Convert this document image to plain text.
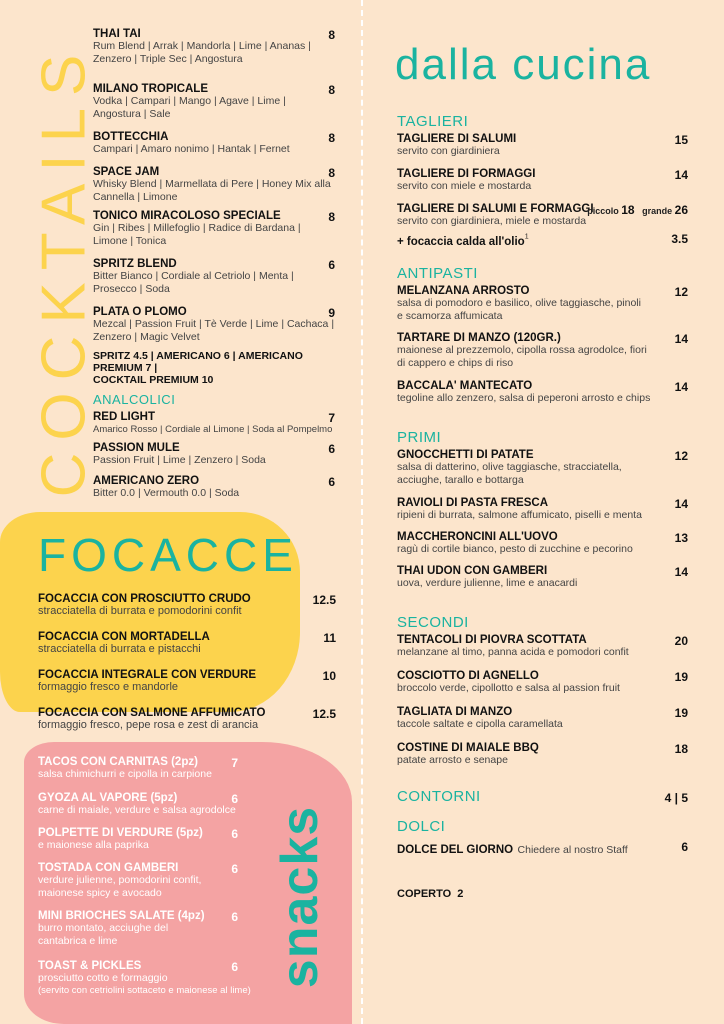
COCKTAILS
THAI TAI	8
Rum Blend | Arrak | Mandorla | Lime | Ananas | Zenzero | Triple Sec | Angostura
MILANO TROPICALE	8
Vodka | Campari | Mango | Agave | Lime | Angostura | Sale
BOTTECCHIA	8
Campari | Amaro nonimo | Hantak | Fernet
SPACE JAM	8
Whisky Blend | Marmellata di Pere | Honey Mix alla Cannella | Limone
TONICO MIRACOLOSO SPECIALE	8
Gin | Ribes | Millefoglio | Radice di Bardana | Limone | Tonica
SPRITZ BLEND	6
Bitter Bianco | Cordiale al Cetriolo | Menta | Prosecco | Soda
PLATA O PLOMO	9
Mezcal | Passion Fruit | Tè Verde | Lime | Cachaca | Zenzero | Magic Velvet
SPRITZ 4.5 | AMERICANO 6 | AMERICANO PREMIUM 7 |
COCKTAIL PREMIUM 10
ANALCOLICI
RED LIGHT	7
Amarico Rosso | Cordiale al Limone | Soda al Pompelmo
PASSION MULE	6
Passion Fruit | Lime | Zenzero | Soda
AMERICANO ZERO	6
Bitter 0.0 | Vermouth 0.0 | Soda
FOCACCE
FOCACCIA CON PROSCIUTTO CRUDO	12.5
stracciatella di burrata e pomodorini confit
FOCACCIA CON MORTADELLA	11
stracciatella di burrata e pistacchi
FOCACCIA INTEGRALE CON VERDURE	10
formaggio fresco e mandorle
FOCACCIA CON SALMONE AFFUMICATO	12.5
formaggio fresco, pepe rosa e zest di arancia
TACOS CON CARNITAS (2pz)	7
salsa chimichurri e cipolla in carpione
GYOZA AL VAPORE (5pz)	6
carne di maiale, verdure e salsa agrodolce
POLPETTE DI VERDURE (5pz)	6
e maionese alla paprika
TOSTADA CON GAMBERI	6
verdure julienne, pomodorini confit, maionese spicy e avocado
MINI BRIOCHES SALATE (4pz)	6
burro montato, acciughe del cantabrica e lime
TOAST & PICKLES	6
prosciutto cotto e formaggio
(servito con cetriolini sottaceto e maionese al lime)
snacks
dalla cucina
TAGLIERI
TAGLIERE DI SALUMI	15
servito con giardiniera
TAGLIERE DI FORMAGGI	14
servito con miele e mostarda
TAGLIERE DI SALUMI E FORMAGGI
piccolo 18 grande 26
servito con giardiniera, miele e mostarda
+ focaccia calda all'olio$^1$	3.5
ANTIPASTI
MELANZANA ARROSTO	12
salsa di pomodoro e basilico, olive taggiasche, pinoli e scamorza affumicata
TARTARE DI MANZO (120GR.)	14
maionese al prezzemolo, cipolla rossa agrodolce, fiori di cappero e chips di riso
BACCALA' MANTECATO	14
tegoline allo zenzero, salsa di peperoni arrosto e chips
PRIMI
GNOCCHETTI DI PATATE	12
salsa di datterino, olive taggiasche, stracciatella, acciughe, tarallo e bottarga
RAVIOLI DI PASTA FRESCA	14
ripieni di burrata, salmone affumicato, piselli e menta
MACCHERONCINI ALL'UOVO	13
ragù di cortile bianco, pesto di zucchine e pecorino
THAI UDON CON GAMBERI	14
uova, verdure julienne, lime e anacardi
SECONDI
TENTACOLI DI PIOVRA SCOTTATA	20
melanzane al timo, panna acida e pomodori confit
COSCIOTTO DI AGNELLO	19
broccolo verde, cipollotto e salsa al passion fruit
TAGLIATA DI MANZO	19
taccole saltate e cipolla caramellata
COSTINE DI MAIALE BBQ	18
patate arrosto e senape
CONTORNI	4 | 5
DOLCI
DOLCE DEL GIORNO Chiedere al nostro Staff	6
COPERTO  2
